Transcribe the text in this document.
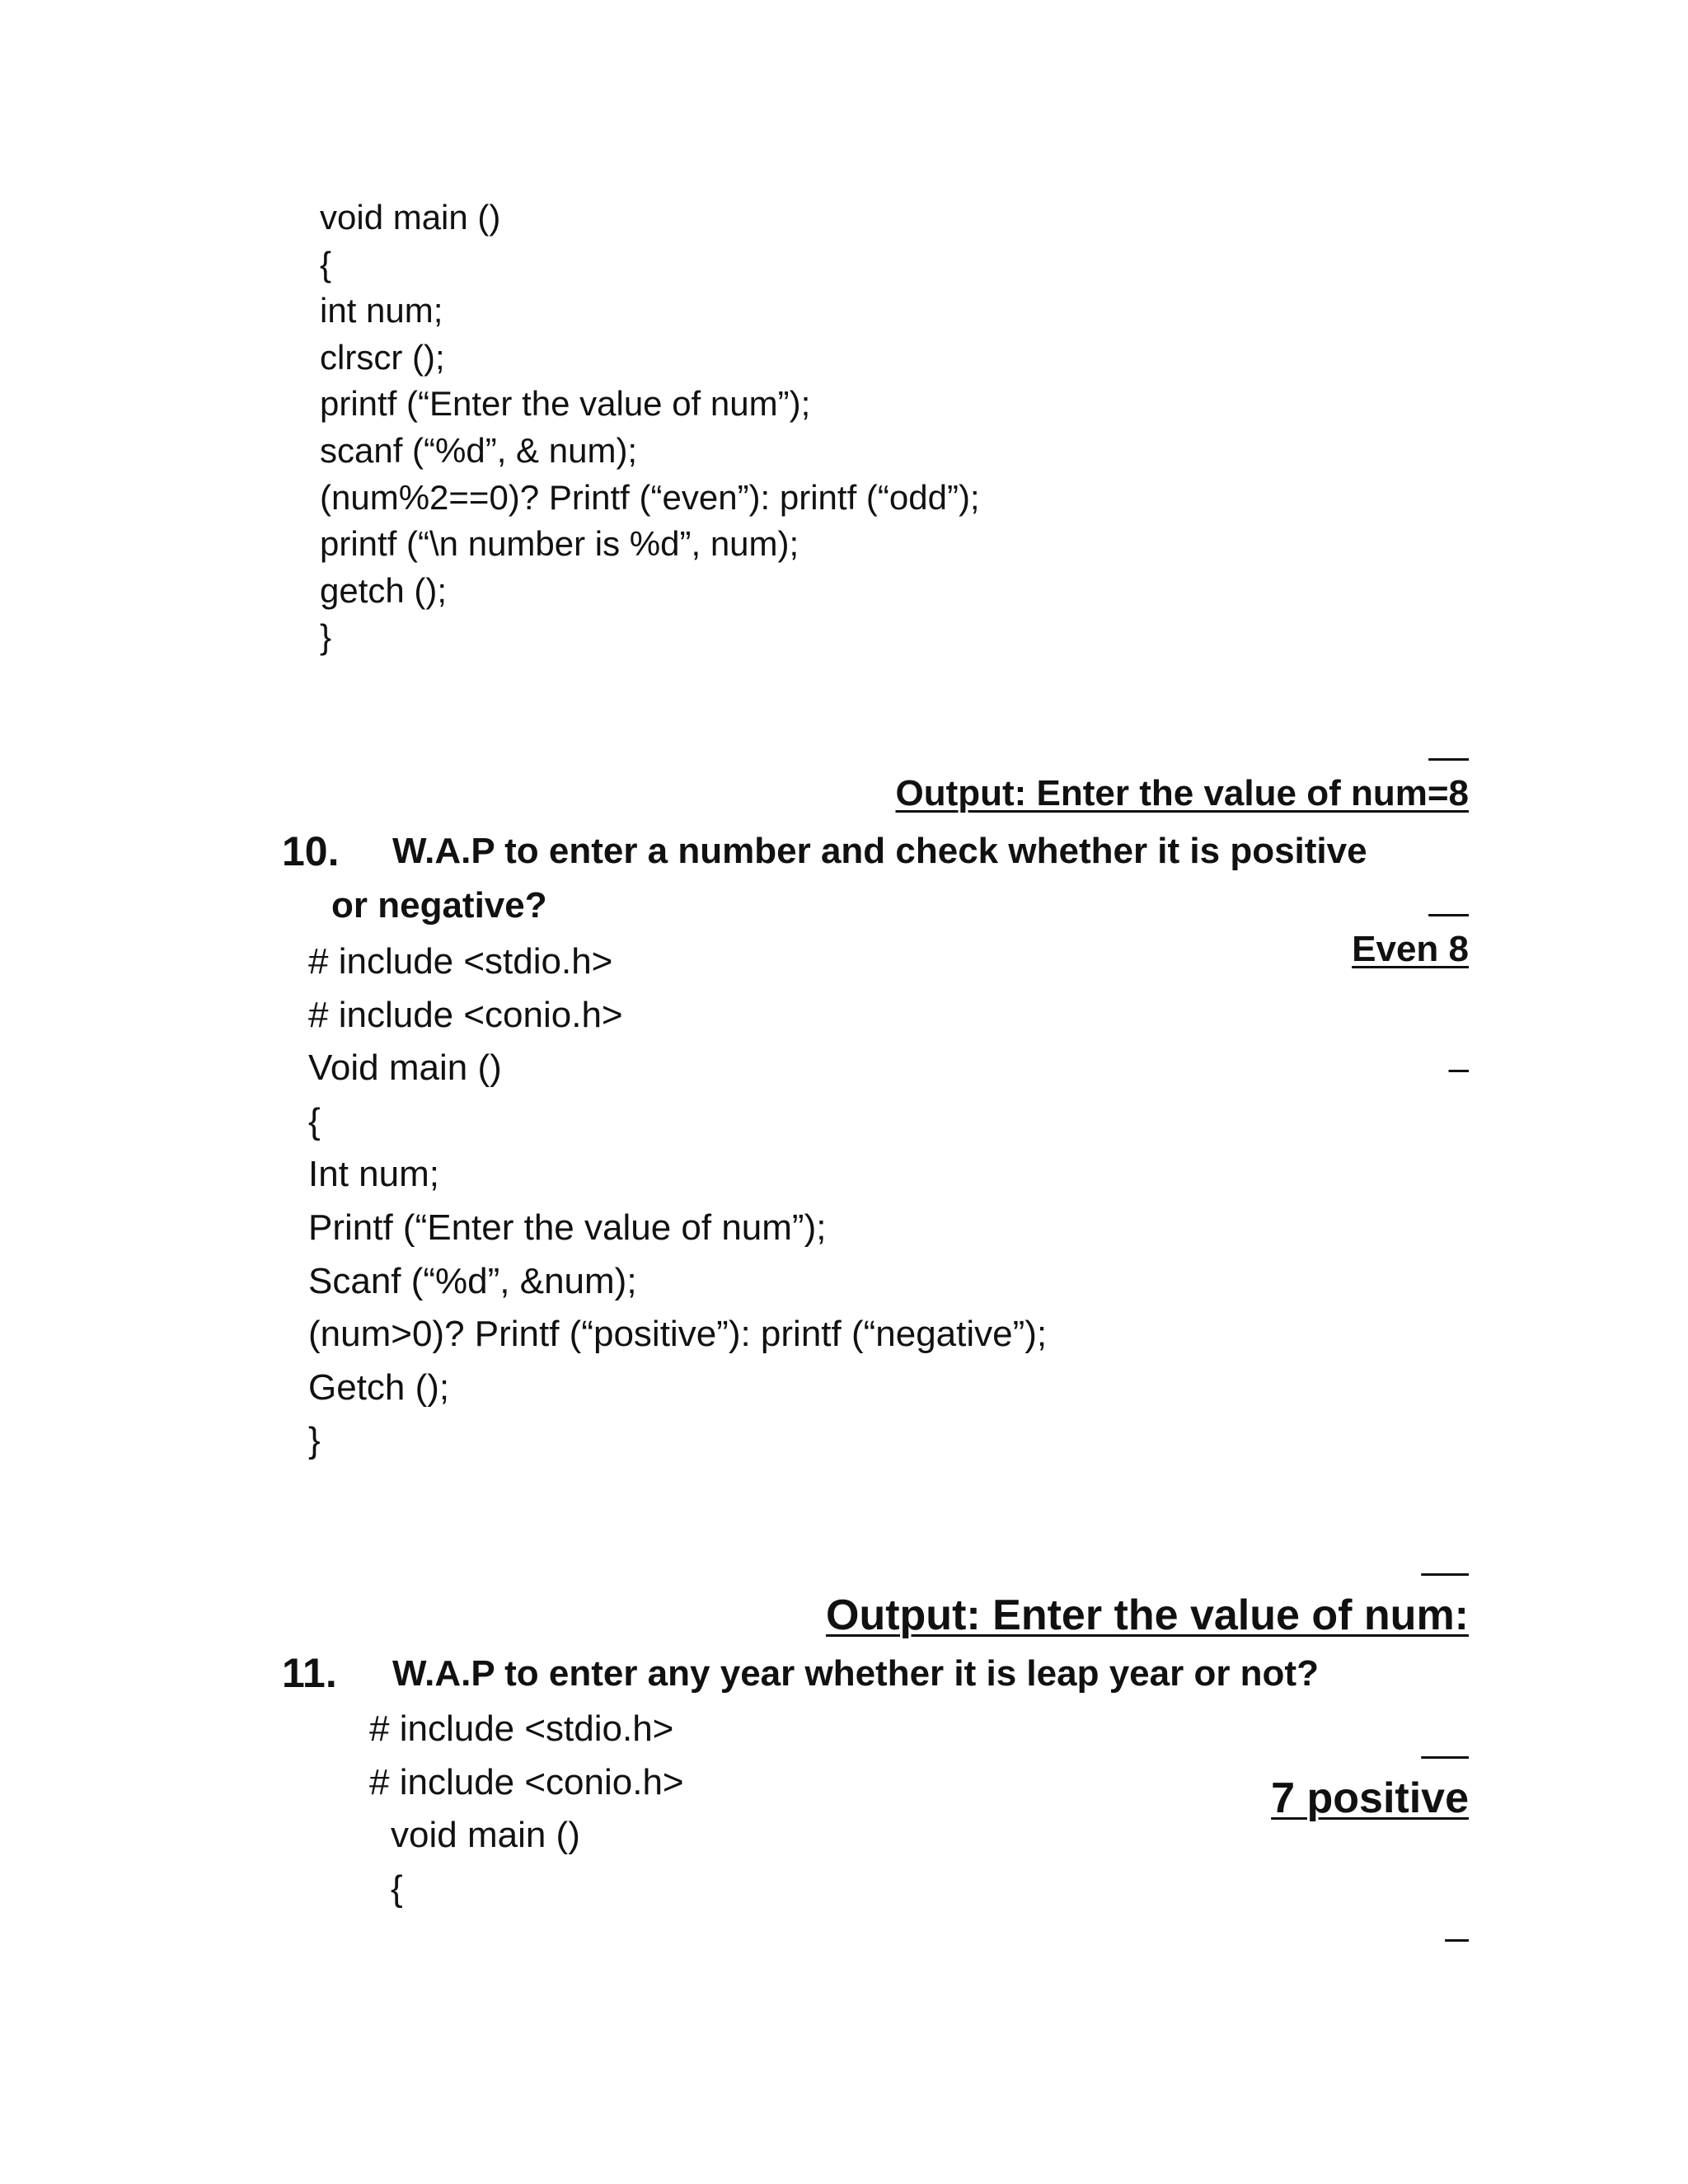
void main ()
{
int num;
clrscr ();
printf (“Enter the value of num”);
scanf (“%d”, & num);
(num%2==0)? Printf (“even”): printf (“odd”);
printf (“\n number is %d”, num);
getch ();
}

Output: Enter the value of num=8

Even 8

10. W.A.P to enter a number and check whether it is positive
or negative?
# include <stdio.h>
# include <conio.h>
Void main ()
{
Int num;
Printf (“Enter the value of num”);
Scanf (“%d”, &num);
(num>0)? Printf (“positive”): printf (“negative”);
Getch ();
}

Output: Enter the value of num:

7 positive

11. W.A.P to enter any year whether it is leap year or not?
# include <stdio.h>
# include <conio.h>
void main ()
{
